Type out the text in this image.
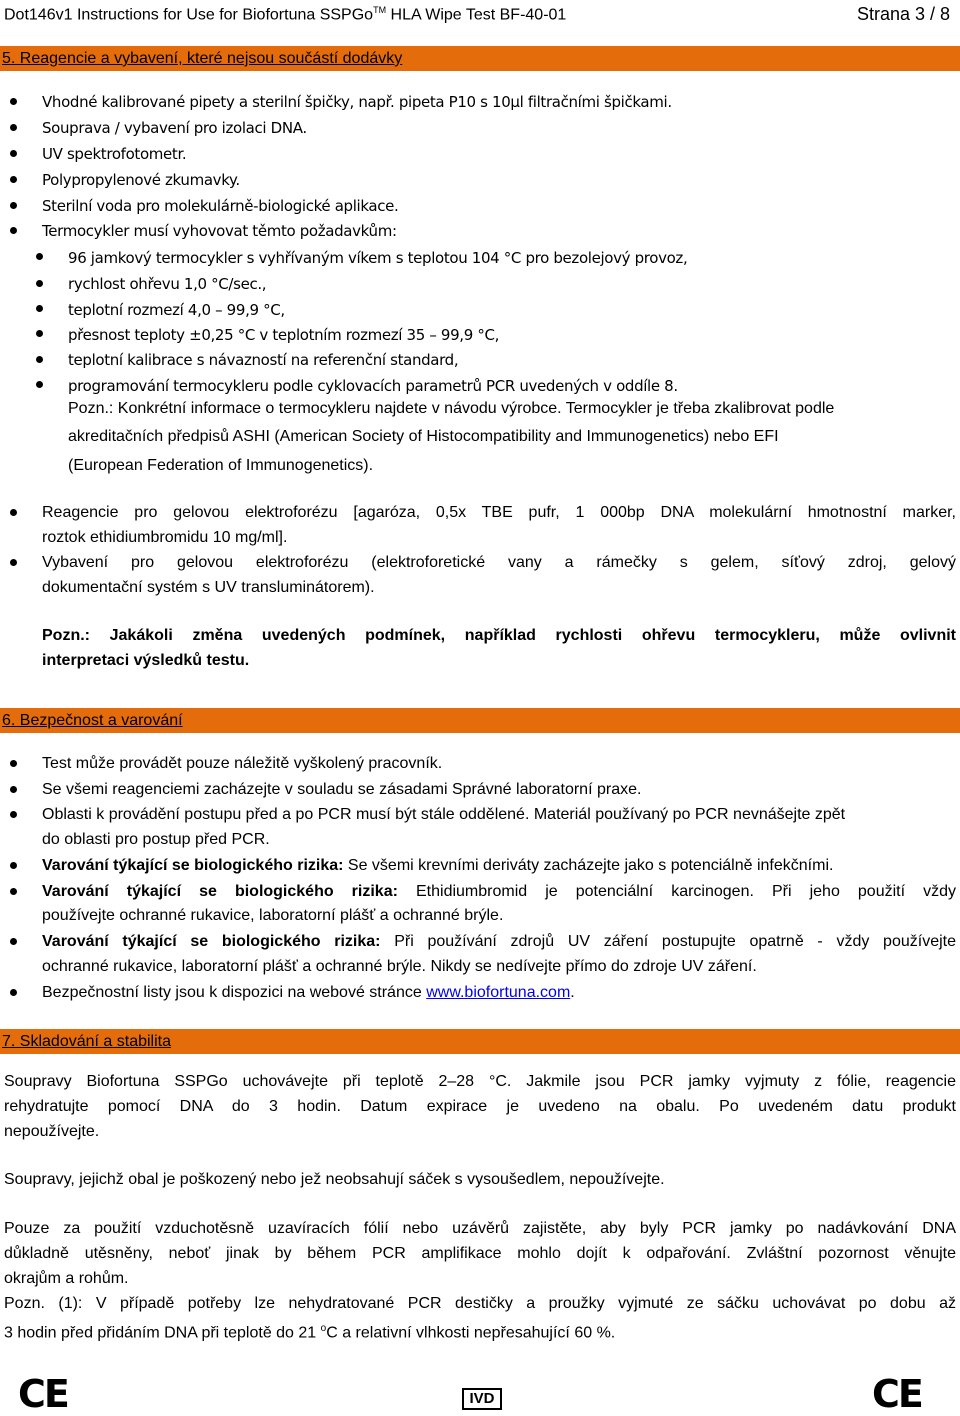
Dot146v1 Instructions for Use for Biofortuna SSPGo™ HLA Wipe Test BF-40-01	Strana 3 / 8
5. Reagencie a vybavení, které nejsou součástí dodávky
Vhodné kalibrované pipety a sterilní špičky, např. pipeta P10 s 10µl filtračními špičkami.
Souprava / vybavení pro izolaci DNA.
UV spektrofotometr.
Polypropylenové zkumavky.
Sterilní voda pro molekulárně-biologické aplikace.
Termocykler musí vyhovovat těmto požadavkům:
96 jamkový termocykler s vyhřívaným víkem s teplotou 104 °C pro bezolejový provoz,
rychlost ohřevu 1,0 °C/sec.,
teplotní rozmezí 4,0 – 99,9 °C,
přesnost teploty ±0,25 °C v teplotním rozmezí 35 – 99,9 °C,
teplotní kalibrace s návazností na referenční standard,
programování termocykleru podle cyklovacích parametrů PCR uvedených v oddíle 8.
Pozn.: Konkrétní informace o termocykleru najdete v návodu výrobce. Termocykler je třeba zkalibrovat podle
akreditačních předpisů ASHI (American Society of Histocompatibility and Immunogenetics) nebo EFI
(European Federation of Immunogenetics).
Reagencie pro gelovou elektroforézu [agaróza, 0,5x TBE pufr, 1 000bp DNA molekulární hmotnostní marker,
roztok ethidiumbromidu 10 mg/ml].
Vybavení pro gelovou elektroforézu (elektroforetické vany a rámečky s gelem, síťový zdroj, gelový
dokumentační systém s UV transluminátorem).
Pozn.: Jakákoli změna uvedených podmínek, například rychlosti ohřevu termocykleru, může ovlivnit
interpretaci výsledků testu.
6. Bezpečnost a varování
Test může provádět pouze náležitě vyškolený pracovník.
Se všemi reagenciemi zacházejte v souladu se zásadami Správné laboratorní praxe.
Oblasti k provádění postupu před a po PCR musí být stále oddělené. Materiál používaný po PCR nevnášejte zpět
do oblasti pro postup před PCR.
Varování týkající se biologického rizika: Se všemi krevními deriváty zacházejte jako s potenciálně infekčními.
Varování týkající se biologického rizika: Ethidiumbromid je potenciální karcinogen. Při jeho použití vždy
používejte ochranné rukavice, laboratorní plášť a ochranné brýle.
Varování týkající se biologického rizika: Při používání zdrojů UV záření postupujte opatrně - vždy používejte
ochranné rukavice, laboratorní plášť a ochranné brýle. Nikdy se nedívejte přímo do zdroje UV záření.
Bezpečnostní listy jsou k dispozici na webové stránce www.biofortuna.com.
7. Skladování a stabilita
Soupravy Biofortuna SSPGo uchovávejte při teplotě 2–28 °C. Jakmile jsou PCR jamky vyjmuty z fólie, reagencie
rehydratujte pomocí DNA do 3 hodin. Datum expirace je uvedeno na obalu. Po uvedeném datu produkt
nepoužívejte.
Soupravy, jejichž obal je poškozený nebo jež neobsahují sáček s vysoušedlem, nepoužívejte.
Pouze za použití vzduchotěsně uzavíracích fólií nebo uzávěrů zajistěte, aby byly PCR jamky po nadávkování DNA
důkladně utěsněny, neboť jinak by během PCR amplifikace mohlo dojít k odpařování. Zvláštní pozornost věnujte
okrajům a rohům.
Pozn. (1): V případě potřeby lze nehydratované PCR destičky a proužky vyjmuté ze sáčku uchovávat po dobu až
3 hodin před přidáním DNA při teplotě do 21 $^o$C a relativní vlhkosti nepřesahující 60 %.
CE	IVD	CE
